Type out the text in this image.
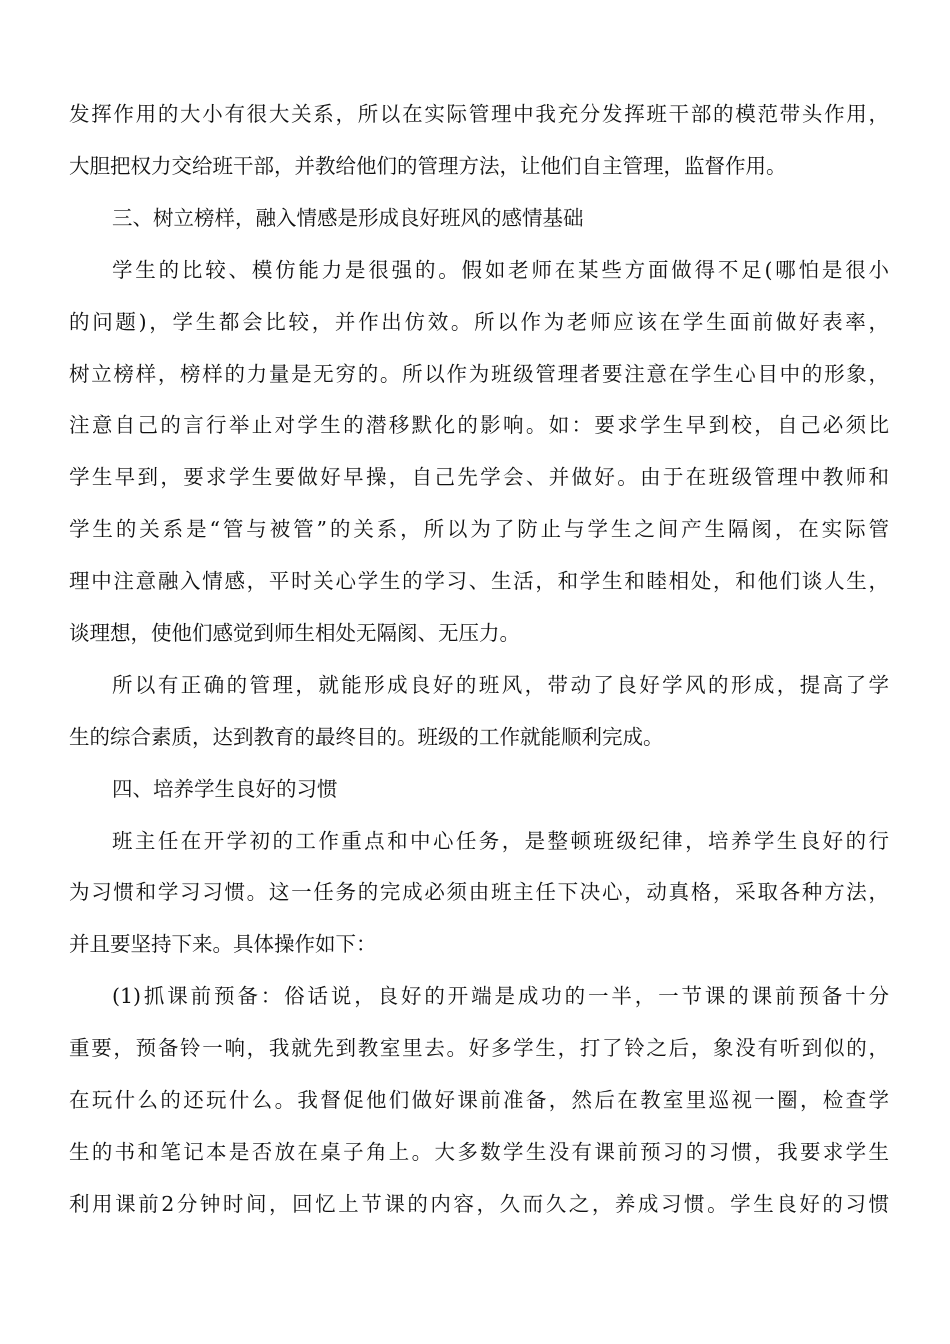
发挥作用的大小有很大关系，所以在实际管理中我充分发挥班干部的模范带头作用，
大胆把权力交给班干部，并教给他们的管理方法，让他们自主管理，监督作用。
三、树立榜样，融入情感是形成良好班风的感情基础
学生的比较、模仿能力是很强的。假如老师在某些方面做得不足(哪怕是很小
的问题)，学生都会比较，并作出仿效。所以作为老师应该在学生面前做好表率，
树立榜样，榜样的力量是无穷的。所以作为班级管理者要注意在学生心目中的形象，
注意自己的言行举止对学生的潜移默化的影响。如：要求学生早到校，自己必须比
学生早到，要求学生要做好早操，自己先学会、并做好。由于在班级管理中教师和
学生的关系是“管与被管”的关系，所以为了防止与学生之间产生隔阂，在实际管
理中注意融入情感，平时关心学生的学习、生活，和学生和睦相处，和他们谈人生，
谈理想，使他们感觉到师生相处无隔阂、无压力。
所以有正确的管理，就能形成良好的班风，带动了良好学风的形成，提高了学
生的综合素质，达到教育的最终目的。班级的工作就能顺利完成。
四、培养学生良好的习惯
班主任在开学初的工作重点和中心任务，是整顿班级纪律，培养学生良好的行
为习惯和学习习惯。这一任务的完成必须由班主任下决心，动真格，采取各种方法，
并且要坚持下来。具体操作如下：
(1)抓课前预备：俗话说，良好的开端是成功的一半，一节课的课前预备十分
重要，预备铃一响，我就先到教室里去。好多学生，打了铃之后，象没有听到似的，
在玩什么的还玩什么。我督促他们做好课前准备，然后在教室里巡视一圈，检查学
生的书和笔记本是否放在桌子角上。大多数学生没有课前预习的习惯，我要求学生
利用课前2分钟时间，回忆上节课的内容，久而久之，养成习惯。学生良好的习惯
